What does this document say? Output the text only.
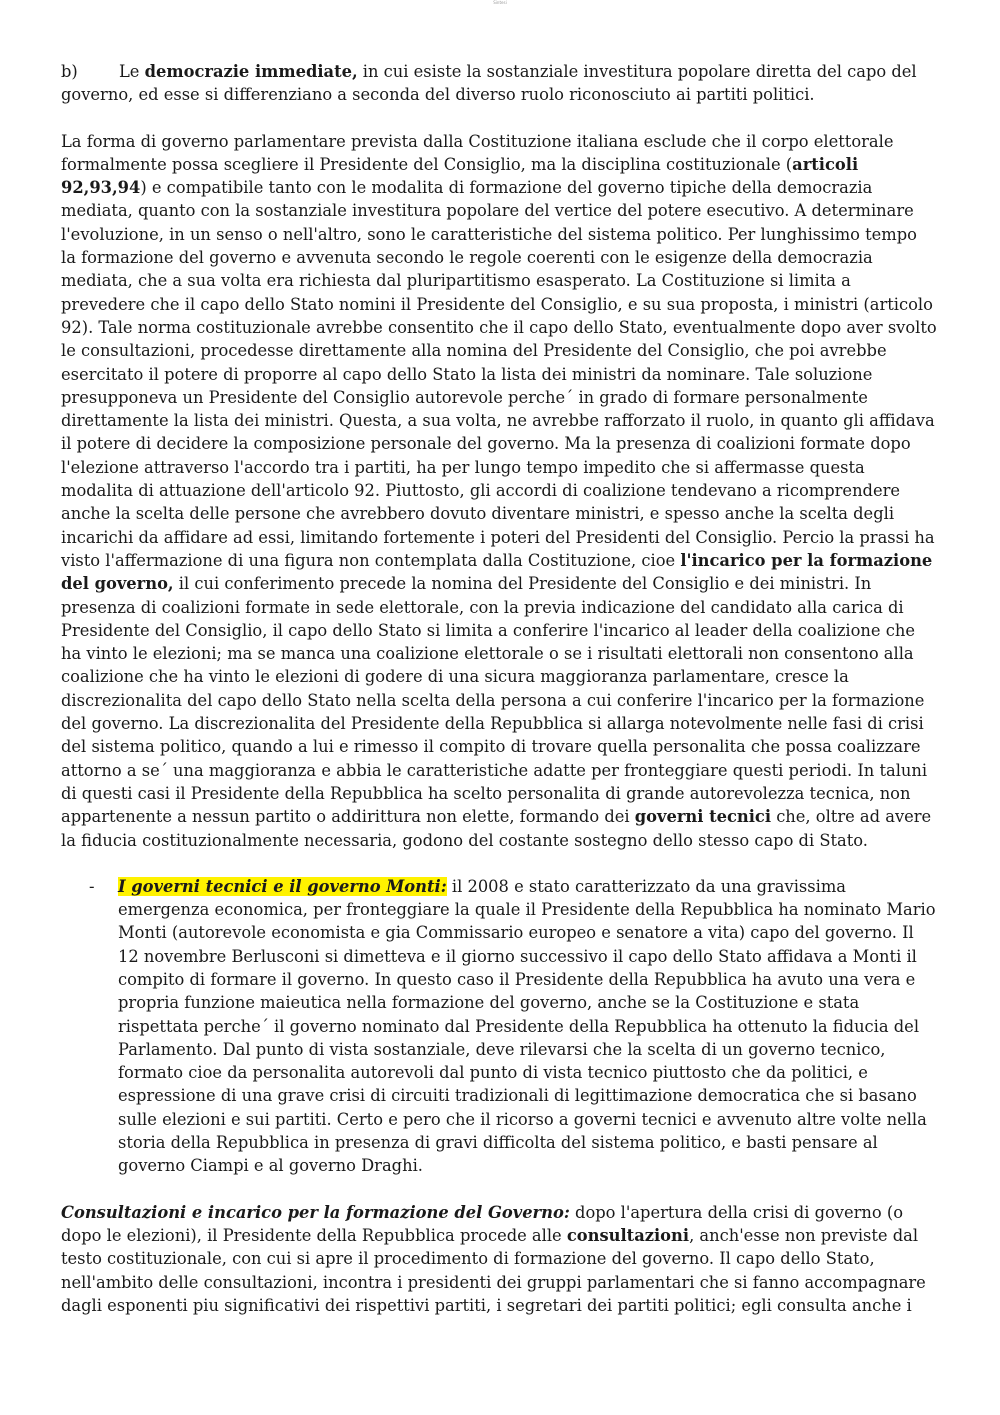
Sintesi

b)	Le democrazie immediate, in cui esiste la sostanziale investitura popolare diretta del capo del governo, ed esse si differenziano a seconda del diverso ruolo riconosciuto ai partiti politici.

La forma di governo parlamentare prevista dalla Costituzione italiana esclude che il corpo elettorale formalmente possa scegliere il Presidente del Consiglio, ma la disciplina costituzionale (articoli 92,93,94) e compatibile tanto con le modalita di formazione del governo tipiche della democrazia mediata, quanto con la sostanziale investitura popolare del vertice del potere esecutivo. A determinare l'evoluzione, in un senso o nell'altro, sono le caratteristiche del sistema politico. Per lunghissimo tempo la formazione del governo e avvenuta secondo le regole coerenti con le esigenze della democrazia mediata, che a sua volta era richiesta dal pluripartitismo esasperato. La Costituzione si limita a prevedere che il capo dello Stato nomini il Presidente del Consiglio, e su sua proposta, i ministri (articolo 92). Tale norma costituzionale avrebbe consentito che il capo dello Stato, eventualmente dopo aver svolto le consultazioni, procedesse direttamente alla nomina del Presidente del Consiglio, che poi avrebbe esercitato il potere di proporre al capo dello Stato la lista dei ministri da nominare. Tale soluzione presupponeva un Presidente del Consiglio autorevole perche´ in grado di formare personalmente direttamente la lista dei ministri. Questa, a sua volta, ne avrebbe rafforzato il ruolo, in quanto gli affidava il potere di decidere la composizione personale del governo. Ma la presenza di coalizioni formate dopo l'elezione attraverso l'accordo tra i partiti, ha per lungo tempo impedito che si affermasse questa modalita di attuazione dell'articolo 92. Piuttosto, gli accordi di coalizione tendevano a ricomprendere anche la scelta delle persone che avrebbero dovuto diventare ministri, e spesso anche la scelta degli incarichi da affidare ad essi, limitando fortemente i poteri del Presidenti del Consiglio. Percio la prassi ha visto l'affermazione di una figura non contemplata dalla Costituzione, cioe l'incarico per la formazione del governo, il cui conferimento precede la nomina del Presidente del Consiglio e dei ministri. In presenza di coalizioni formate in sede elettorale, con la previa indicazione del candidato alla carica di Presidente del Consiglio, il capo dello Stato si limita a conferire l'incarico al leader della coalizione che ha vinto le elezioni; ma se manca una coalizione elettorale o se i risultati elettorali non consentono alla coalizione che ha vinto le elezioni di godere di una sicura maggioranza parlamentare, cresce la discrezionalita del capo dello Stato nella scelta della persona a cui conferire l'incarico per la formazione del governo. La discrezionalita del Presidente della Repubblica si allarga notevolmente nelle fasi di crisi del sistema politico, quando a lui e rimesso il compito di trovare quella personalita che possa coalizzare attorno a se´ una maggioranza e abbia le caratteristiche adatte per fronteggiare questi periodi. In taluni di questi casi il Presidente della Repubblica ha scelto personalita di grande autorevolezza tecnica, non appartenente a nessun partito o addirittura non elette, formando dei governi tecnici che, oltre ad avere la fiducia costituzionalmente necessaria, godono del costante sostegno dello stesso capo di Stato.

- I governi tecnici e il governo Monti: il 2008 e stato caratterizzato da una gravissima emergenza economica, per fronteggiare la quale il Presidente della Repubblica ha nominato Mario Monti (autorevole economista e gia Commissario europeo e senatore a vita) capo del governo. Il 12 novembre Berlusconi si dimetteva e il giorno successivo il capo dello Stato affidava a Monti il compito di formare il governo. In questo caso il Presidente della Repubblica ha avuto una vera e propria funzione maieutica nella formazione del governo, anche se la Costituzione e stata rispettata perche´ il governo nominato dal Presidente della Repubblica ha ottenuto la fiducia del Parlamento. Dal punto di vista sostanziale, deve rilevarsi che la scelta di un governo tecnico, formato cioe da personalita autorevoli dal punto di vista tecnico piuttosto che da politici, e espressione di una grave crisi di circuiti tradizionali di legittimazione democratica che si basano sulle elezioni e sui partiti. Certo e pero che il ricorso a governi tecnici e avvenuto altre volte nella storia della Repubblica in presenza di gravi difficolta del sistema politico, e basti pensare al governo Ciampi e al governo Draghi.

Consultazioni e incarico per la formazione del Governo: dopo l'apertura della crisi di governo (o dopo le elezioni), il Presidente della Repubblica procede alle consultazioni, anch'esse non previste dal testo costituzionale, con cui si apre il procedimento di formazione del governo. Il capo dello Stato, nell'ambito delle consultazioni, incontra i presidenti dei gruppi parlamentari che si fanno accompagnare dagli esponenti piu significativi dei rispettivi partiti, i segretari dei partiti politici; egli consulta anche i
